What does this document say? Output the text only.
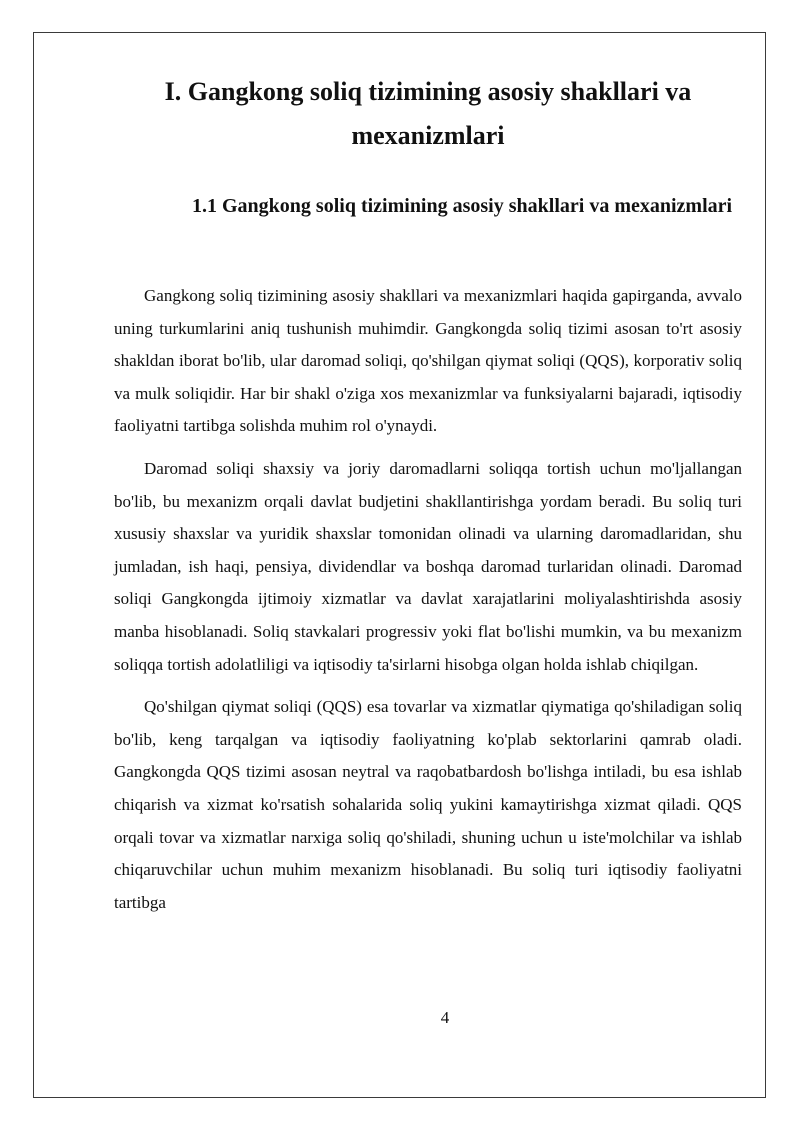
I. Gangkong soliq tizimining asosiy shakllari va mexanizmlari
1.1 Gangkong soliq tizimining asosiy shakllari va mexanizmlari

Gangkong soliq tizimining asosiy shakllari va mexanizmlari haqida gapirganda, avvalo uning turkumlarini aniq tushunish muhimdir. Gangkongda soliq tizimi asosan to'rt asosiy shakldan iborat bo'lib, ular daromad soliqi, qo'shilgan qiymat soliqi (QQS), korporativ soliq va mulk soliqidir. Har bir shakl o'ziga xos mexanizmlar va funksiyalarni bajaradi, iqtisodiy faoliyatni tartibga solishda muhim rol o'ynaydi.

Daromad soliqi shaxsiy va joriy daromadlarni soliqqa tortish uchun mo'ljallangan bo'lib, bu mexanizm orqali davlat budjetini shakllantirishga yordam beradi. Bu soliq turi xususiy shaxslar va yuridik shaxslar tomonidan olinadi va ularning daromadlaridan, shu jumladan, ish haqi, pensiya, dividendlar va boshqa daromad turlaridan olinadi. Daromad soliqi Gangkongda ijtimoiy xizmatlar va davlat xarajatlarini moliyalashtirishda asosiy manba hisoblanadi. Soliq stavkalari progressiv yoki flat bo'lishi mumkin, va bu mexanizm soliqqa tortish adolatliligi va iqtisodiy ta'sirlarni hisobga olgan holda ishlab chiqilgan.

Qo'shilgan qiymat soliqi (QQS) esa tovarlar va xizmatlar qiymatiga qo'shiladigan soliq bo'lib, keng tarqalgan va iqtisodiy faoliyatning ko'plab sektorlarini qamrab oladi. Gangkongda QQS tizimi asosan neytral va raqobatbardosh bo'lishga intiladi, bu esa ishlab chiqarish va xizmat ko'rsatish sohalarida soliq yukini kamaytirishga xizmat qiladi. QQS orqali tovar va xizmatlar narxiga soliq qo'shiladi, shuning uchun u iste'molchilar va ishlab chiqaruvchilar uchun muhim mexanizm hisoblanadi. Bu soliq turi iqtisodiy faoliyatni tartibga

4
